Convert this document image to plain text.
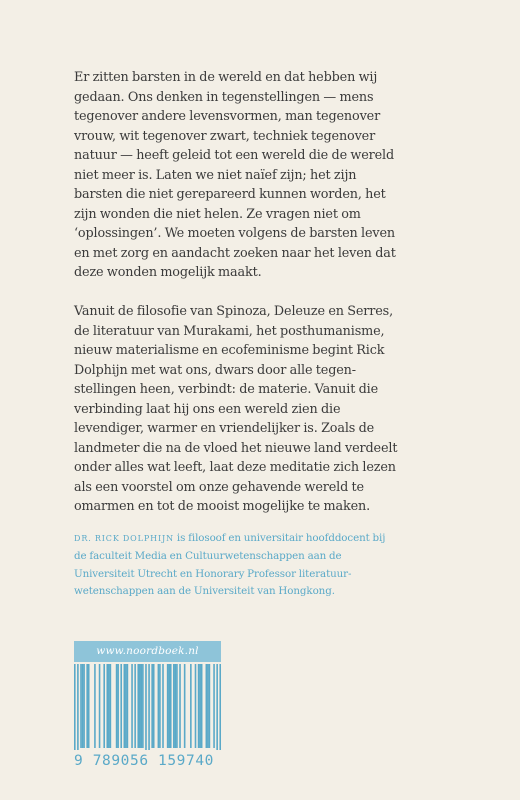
Er zitten barsten in de wereld en dat hebben wij gedaan. Ons denken in tegenstellingen — mens tegenover andere levensvormen, man tegenover vrouw, wit tegenover zwart, techniek tegenover natuur — heeft geleid tot een wereld die de wereld niet meer is. Laten we niet naïef zijn; het zijn barsten die niet gerepareerd kunnen worden, het zijn wonden die niet helen. Ze vragen niet om ‘oplossingen’. We moeten volgens de barsten leven en met zorg en aandacht zoeken naar het leven dat deze wonden mogelijk maakt.

Vanuit de filosofie van Spinoza, Deleuze en Serres, de literatuur van Murakami, het posthumanisme, nieuw materialisme en ecofeminisme begint Rick Dolphijn met wat ons, dwars door alle tegen-stellingen heen, verbindt: de materie. Vanuit die verbinding laat hij ons een wereld zien die levendiger, warmer en vriendelijker is. Zoals de landmeter die na de vloed het nieuwe land verdeelt onder alles wat leeft, laat deze meditatie zich lezen als een voorstel om onze gehavende wereld te omarmen en tot de mooist mogelijke te maken.

DR. RICK DOLPHIJN is filosoof en universitair hoofddocent bij de faculteit Media en Cultuurwetenschappen aan de Universiteit Utrecht en Honorary Professor literatuur-wetenschappen aan de Universiteit van Hongkong.

www.noordboek.nl
9 789056 159740
